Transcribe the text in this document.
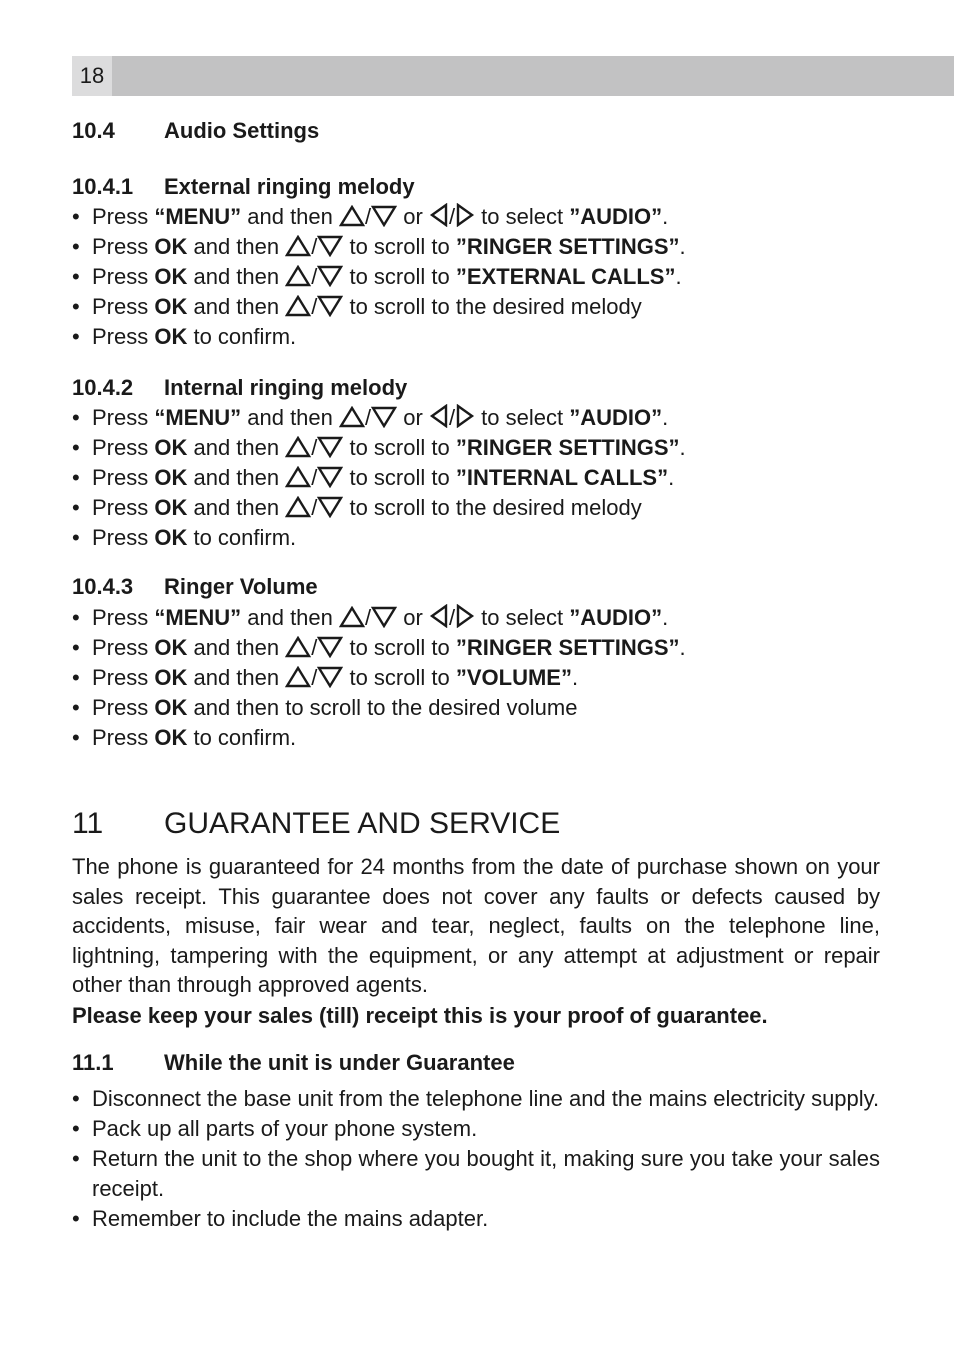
18
10.4 Audio Settings
10.4.1 External ringing melody
• Press “MENU” and then
/
or
/
to select ”AUDIO”.
• Press OK and then
/
to scroll to ”RINGER SETTINGS”.
• Press OK and then
/
to scroll to ”EXTERNAL CALLS”.
• Press OK and then
/
to scroll to the desired melody
• Press OK to confirm.
10.4.2 Internal ringing melody
• Press “MENU” and then
/
or
/
to select ”AUDIO”.
• Press OK and then
/
to scroll to ”RINGER SETTINGS”.
• Press OK and then
/
to scroll to ”INTERNAL CALLS”.
• Press OK and then
/
to scroll to the desired melody
• Press OK to confirm.
10.4.3 Ringer Volume
• Press “MENU” and then
/
or
/
to select ”AUDIO”.
• Press OK and then
/
to scroll to ”RINGER SETTINGS”.
• Press OK and then
/
to scroll to ”VOLUME”.
• Press OK and then to scroll to the desired volume
• Press OK to confirm.
11 GUARANTEE AND SERVICE

The phone is guaranteed for 24 months from the date of purchase shown on your sales receipt. This guarantee does not cover any faults or defects caused by accidents, misuse, fair wear and tear, neglect, faults on the telephone line, lightning, tampering with the equipment, or any attempt at adjustment or repair other than through approved agents.

Please keep your sales (till) receipt this is your proof of guarantee.

11.1 While the unit is under Guarantee
• Disconnect the base unit from the telephone line and the mains electricity supply.
• Pack up all parts of your phone system.
• Return the unit to the shop where you bought it, making sure you take your sales receipt.
• Remember to include the mains adapter.
